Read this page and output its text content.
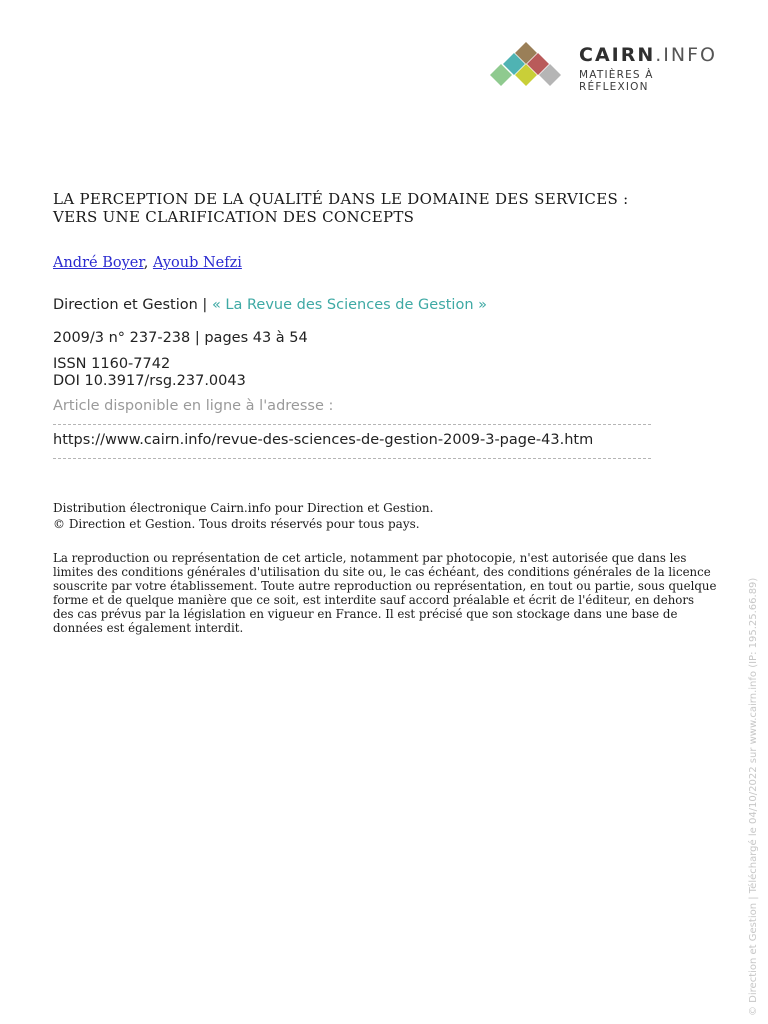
CAIRN.INFO
MATIÈRES À RÉFLEXION
LA PERCEPTION DE LA QUALITÉ DANS LE DOMAINE DES SERVICES :
VERS UNE CLARIFICATION DES CONCEPTS
André Boyer, Ayoub Nefzi
Direction et Gestion | « La Revue des Sciences de Gestion »
2009/3 n° 237-238 | pages 43 à 54
ISSN 1160-7742
DOI 10.3917/rsg.237.0043
Article disponible en ligne à l'adresse :
https://www.cairn.info/revue-des-sciences-de-gestion-2009-3-page-43.htm
Distribution électronique Cairn.info pour Direction et Gestion.
© Direction et Gestion. Tous droits réservés pour tous pays.

La reproduction ou représentation de cet article, notamment par photocopie, n'est autorisée que dans les limites des conditions générales d'utilisation du site ou, le cas échéant, des conditions générales de la licence souscrite par votre établissement. Toute autre reproduction ou représentation, en tout ou partie, sous quelque forme et de quelque manière que ce soit, est interdite sauf accord préalable et écrit de l'éditeur, en dehors des cas prévus par la législation en vigueur en France. Il est précisé que son stockage dans une base de données est également interdit.	© Direction et Gestion | Téléchargé le 04/10/2022 sur www.cairn.info (IP: 195.25.66.89)
